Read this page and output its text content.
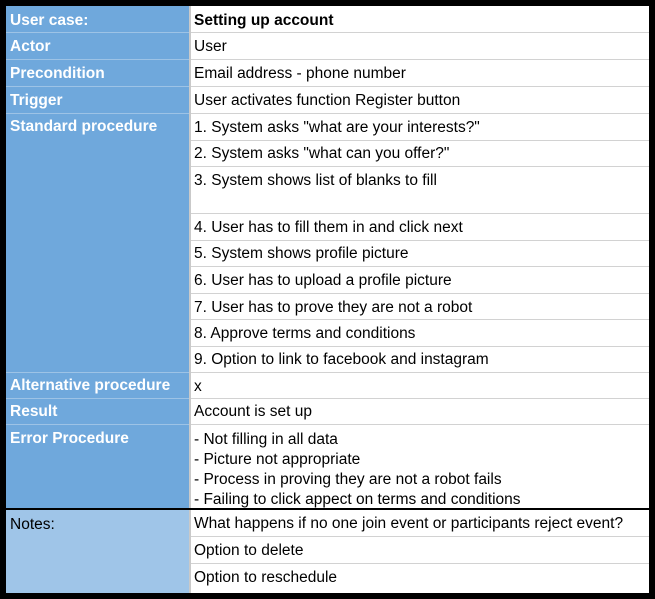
User case:
Actor
Precondition
Trigger
Standard procedure
Alternative procedure
Result
Error Procedure
Notes:
Setting up account
User
Email address - phone number
User activates function Register button
1. System asks "what are your interests?"
2. System asks "what can you offer?"
3. System shows list of blanks to fill
4. User has to fill them in and click next
5. System shows profile picture
6. User has to upload a profile picture
7. User has to prove they are not a robot
8. Approve terms and conditions
9. Option to link to facebook and instagram
x
Account is set up
- Not filling in all data
- Picture not appropriate
- Process in proving they are not a robot fails
- Failing to click appect on terms and conditions
What happens if no one join event or participants reject event?
Option to delete
Option to reschedule
